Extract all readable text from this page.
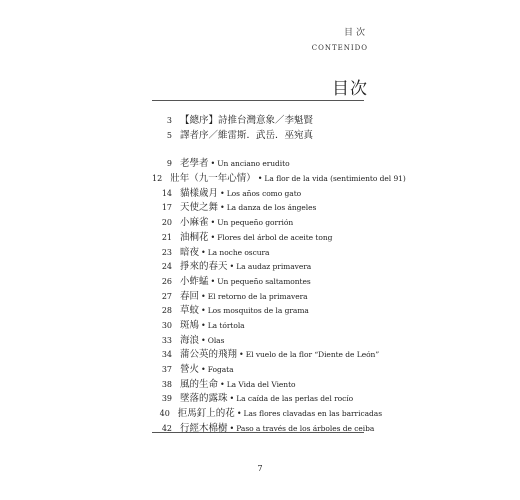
目次
CONTENIDO
目次
3 【總序】詩推台灣意象／李魁賢
5 譯者序／維雷斯．武岳．巫宛真
9 老學者 • Un anciano erudito
12 壯年（九一年心情） • La flor de la vida (sentimiento del 91)
14 貓樣歲月 • Los años como gato
17 天使之舞 • La danza de los ángeles
20 小麻雀 • Un pequeño gorrión
21 油桐花 • Flores del árbol de aceite tong
23 暗夜 • La noche oscura
24 掙來的春天 • La audaz primavera
26 小蚱蜢 • Un pequeño saltamontes
27 春回 • El retorno de la primavera
28 草蚊 • Los mosquitos de la grama
30 斑鳩 • La tórtola
33 海浪 • Olas
34 蒲公英的飛翔 • El vuelo de la flor “Diente de León”
37 營火 • Fogata
38 風的生命 • La Vida del Viento
39 墜落的露珠 • La caída de las perlas del rocío
40 拒馬釘上的花 • Las flores clavadas en las barricadas
42 行經木棉樹 • Paso a través de los árboles de ceiba
7
